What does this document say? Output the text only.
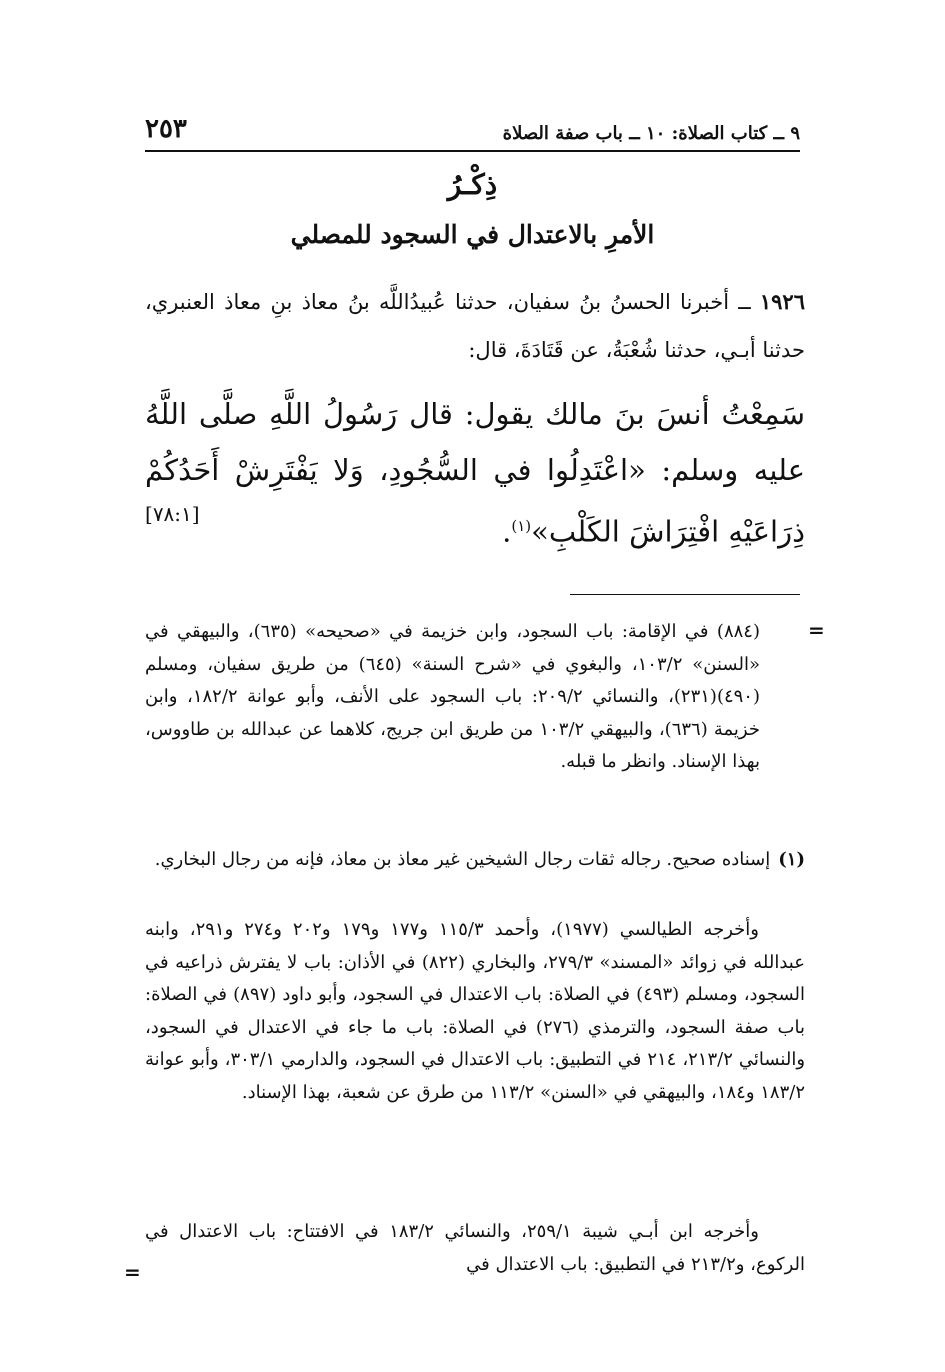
٢٥٣	٩ ــ كتاب الصلاة: ١٠ ــ باب صفة الصلاة
ذِكْـرُ
الأمرِ بالاعتدال في السجود للمصلي
١٩٢٦ ــ أخبرنا الحسنُ بنُ سفيان، حدثنا عُبيدُاللَّه بنُ معاذ بنِ معاذ العنبري، حدثنا أبـي، حدثنا شُعْبَةُ، عن قَتَادَةَ، قال:
سَمِعْتُ أنسَ بنَ مالك يقول: قال رَسُولُ اللَّهِ صلَّى اللَّهُ عليه وسلم: «اعْتَدِلُوا في السُّجُودِ، وَلا يَفْتَرِشْ أَحَدُكُمْ ذِرَاعَيْهِ افْتِرَاشَ الكَلْبِ»$^{(١)}$.
[٧٨:١]
=
(٨٨٤) في الإقامة: باب السجود، وابن خزيمة في «صحيحه» (٦٣٥)، والبيهقي في «السنن» ١٠٣/٢، والبغوي في «شرح السنة» (٦٤٥) من طريق سفيان، ومسلم (٤٩٠)(٢٣١)، والنسائي ٢٠٩/٢: باب السجود على الأنف، وأبو عوانة ١٨٢/٢، وابن خزيمة (٦٣٦)، والبيهقي ١٠٣/٢ من طريق ابن جريج، كلاهما عن عبدالله بن طاووس، بهذا الإسناد. وانظر ما قبله.
(١)إسناده صحيح. رجاله ثقات رجال الشيخين غير معاذ بن معاذ، فإنه من رجال البخاري.
وأخرجه الطيالسي (١٩٧٧)، وأحمد ١١٥/٣ و١٧٧ و١٧٩ و٢٠٢ و٢٧٤ و٢٩١، وابنه عبدالله في زوائد «المسند» ٢٧٩/٣، والبخاري (٨٢٢) في الأذان: باب لا يفترش ذراعيه في السجود، ومسلم (٤٩٣) في الصلاة: باب الاعتدال في السجود، وأبو داود (٨٩٧) في الصلاة: باب صفة السجود، والترمذي (٢٧٦) في الصلاة: باب ما جاء في الاعتدال في السجود، والنسائي ٢١٣/٢، ٢١٤ في التطبيق: باب الاعتدال في السجود، والدارمي ٣٠٣/١، وأبو عوانة ١٨٣/٢ و١٨٤، والبيهقي في «السنن» ١١٣/٢ من طرق عن شعبة، بهذا الإسناد.
وأخرجه ابن أبـي شيبة ٢٥٩/١، والنسائي ١٨٣/٢ في الافتتاح: باب الاعتدال في الركوع، و٢١٣/٢ في التطبيق: باب الاعتدال في
=
